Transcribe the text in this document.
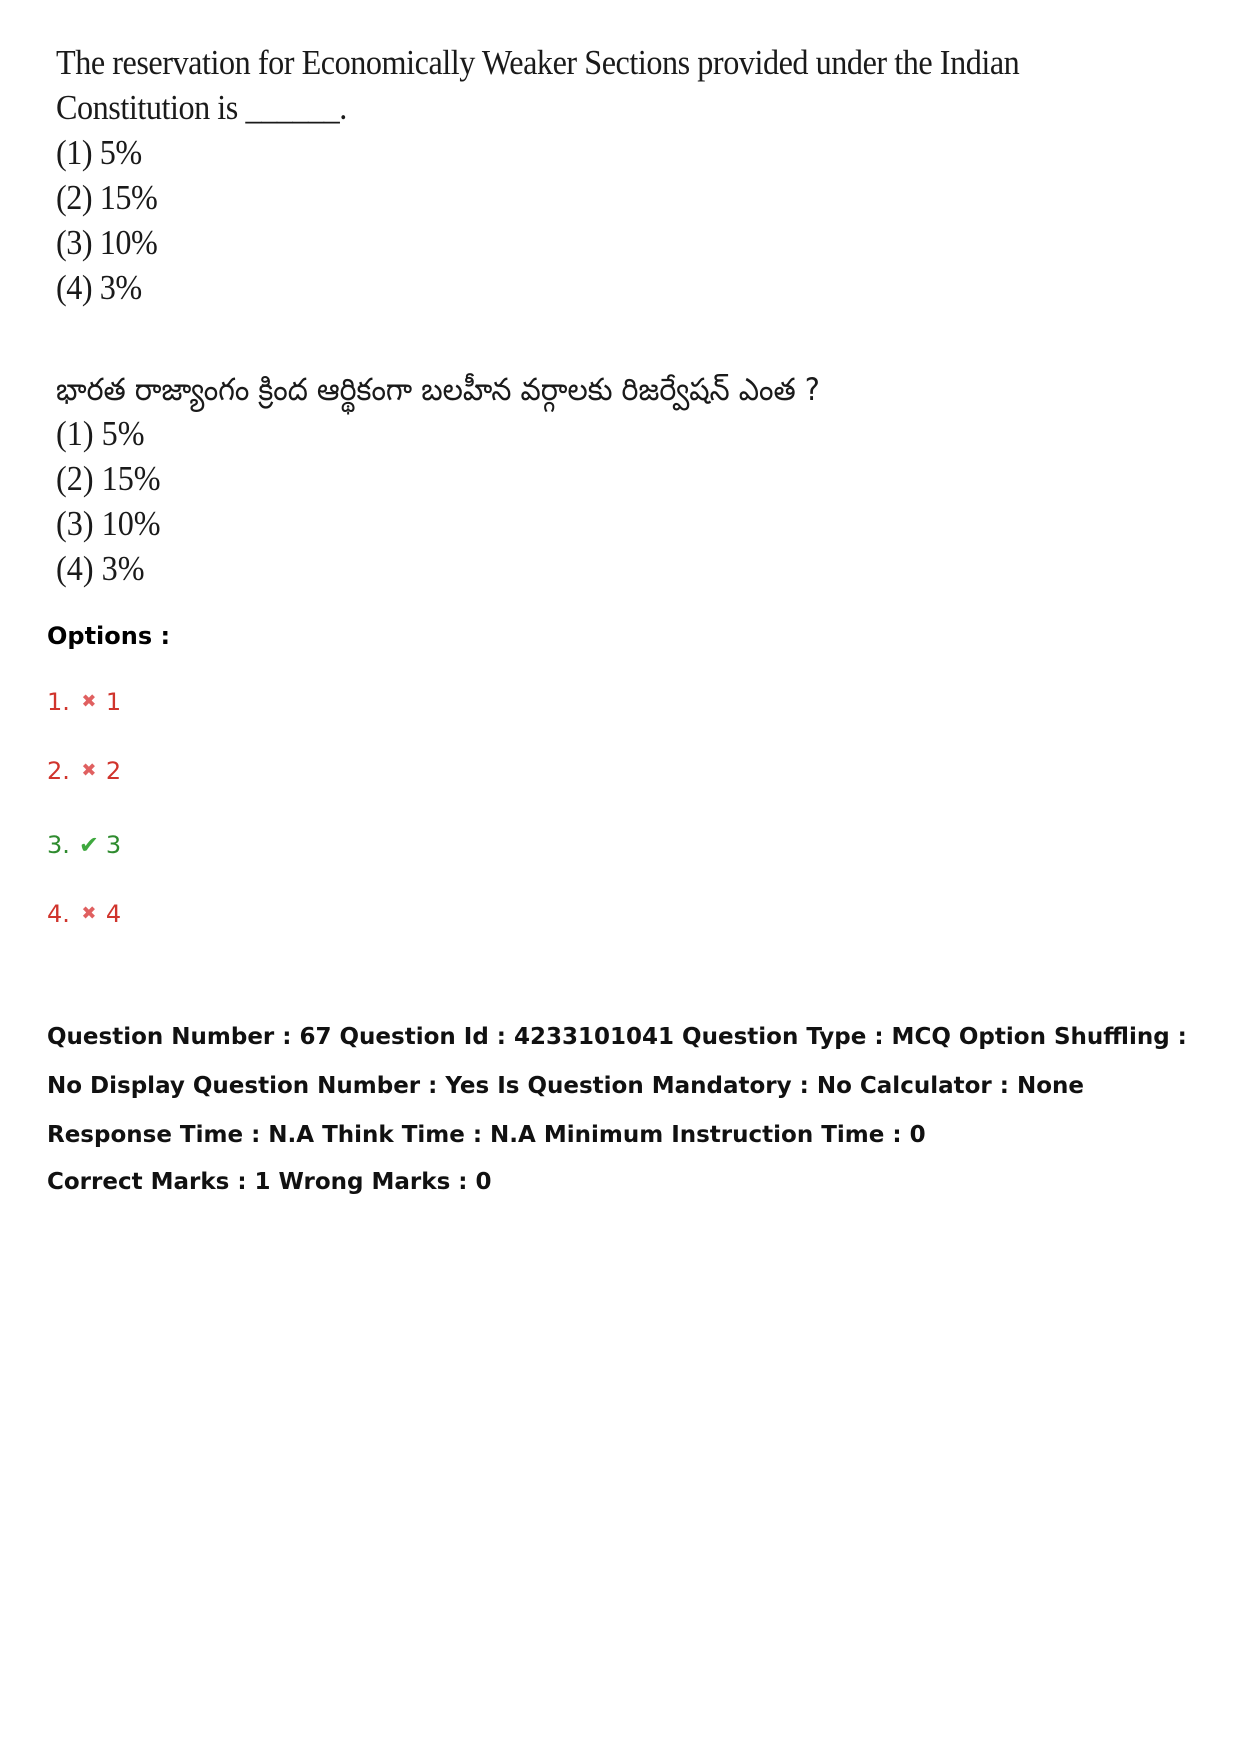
The reservation for Economically Weaker Sections provided under the Indian
Constitution is ______.
(1) 5%
(2) 15%
(3) 10%
(4) 3%
భారత రాజ్యాంగం క్రింద ఆర్థికంగా బలహీన వర్గాలకు రిజర్వేషన్ ఎంత ?
(1) 5%
(2) 15%
(3) 10%
(4) 3%
Options :
1. ✖ 1
2. ✖ 2
3. ✔ 3
4. ✖ 4
Question Number : 67 Question Id : 4233101041 Question Type : MCQ Option Shuffling : No Display Question Number : Yes Is Question Mandatory : No Calculator : None Response Time : N.A Think Time : N.A Minimum Instruction Time : 0
Correct Marks : 1 Wrong Marks : 0
